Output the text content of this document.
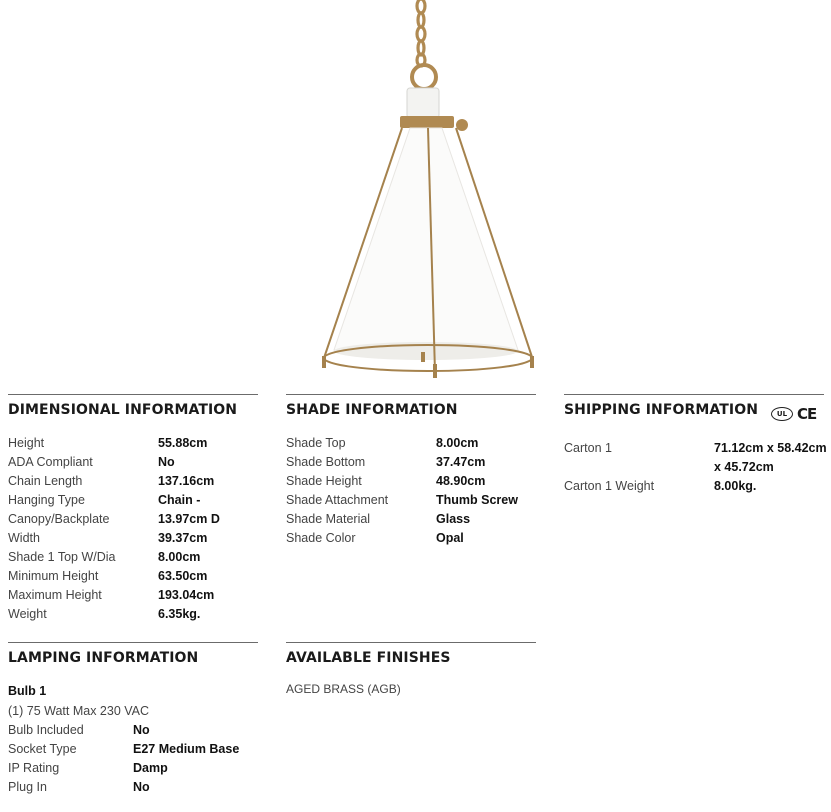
DIMENSIONAL INFORMATION
Height	55.88cm
ADA Compliant	No
Chain Length	137.16cm
Hanging Type	Chain -
Canopy/Backplate	13.97cm D
Width	39.37cm
Shade 1 Top W/Dia	8.00cm
Minimum Height	63.50cm
Maximum Height	193.04cm
Weight	6.35kg.
SHADE INFORMATION
Shade Top	8.00cm
Shade Bottom	37.47cm
Shade Height	48.90cm
Shade Attachment	Thumb Screw
Shade Material	Glass
Shade Color	Opal
SHIPPING INFORMATION	UL CE
Carton 1	71.12cm x 58.42cm
x 45.72cm
Carton 1 Weight	8.00kg.
LAMPING INFORMATION
Bulb 1
(1) 75 Watt Max 230 VAC
Bulb Included	No
Socket Type	E27 Medium Base
IP Rating	Damp
Plug In	No
AVAILABLE FINISHES
AGED BRASS (AGB)
